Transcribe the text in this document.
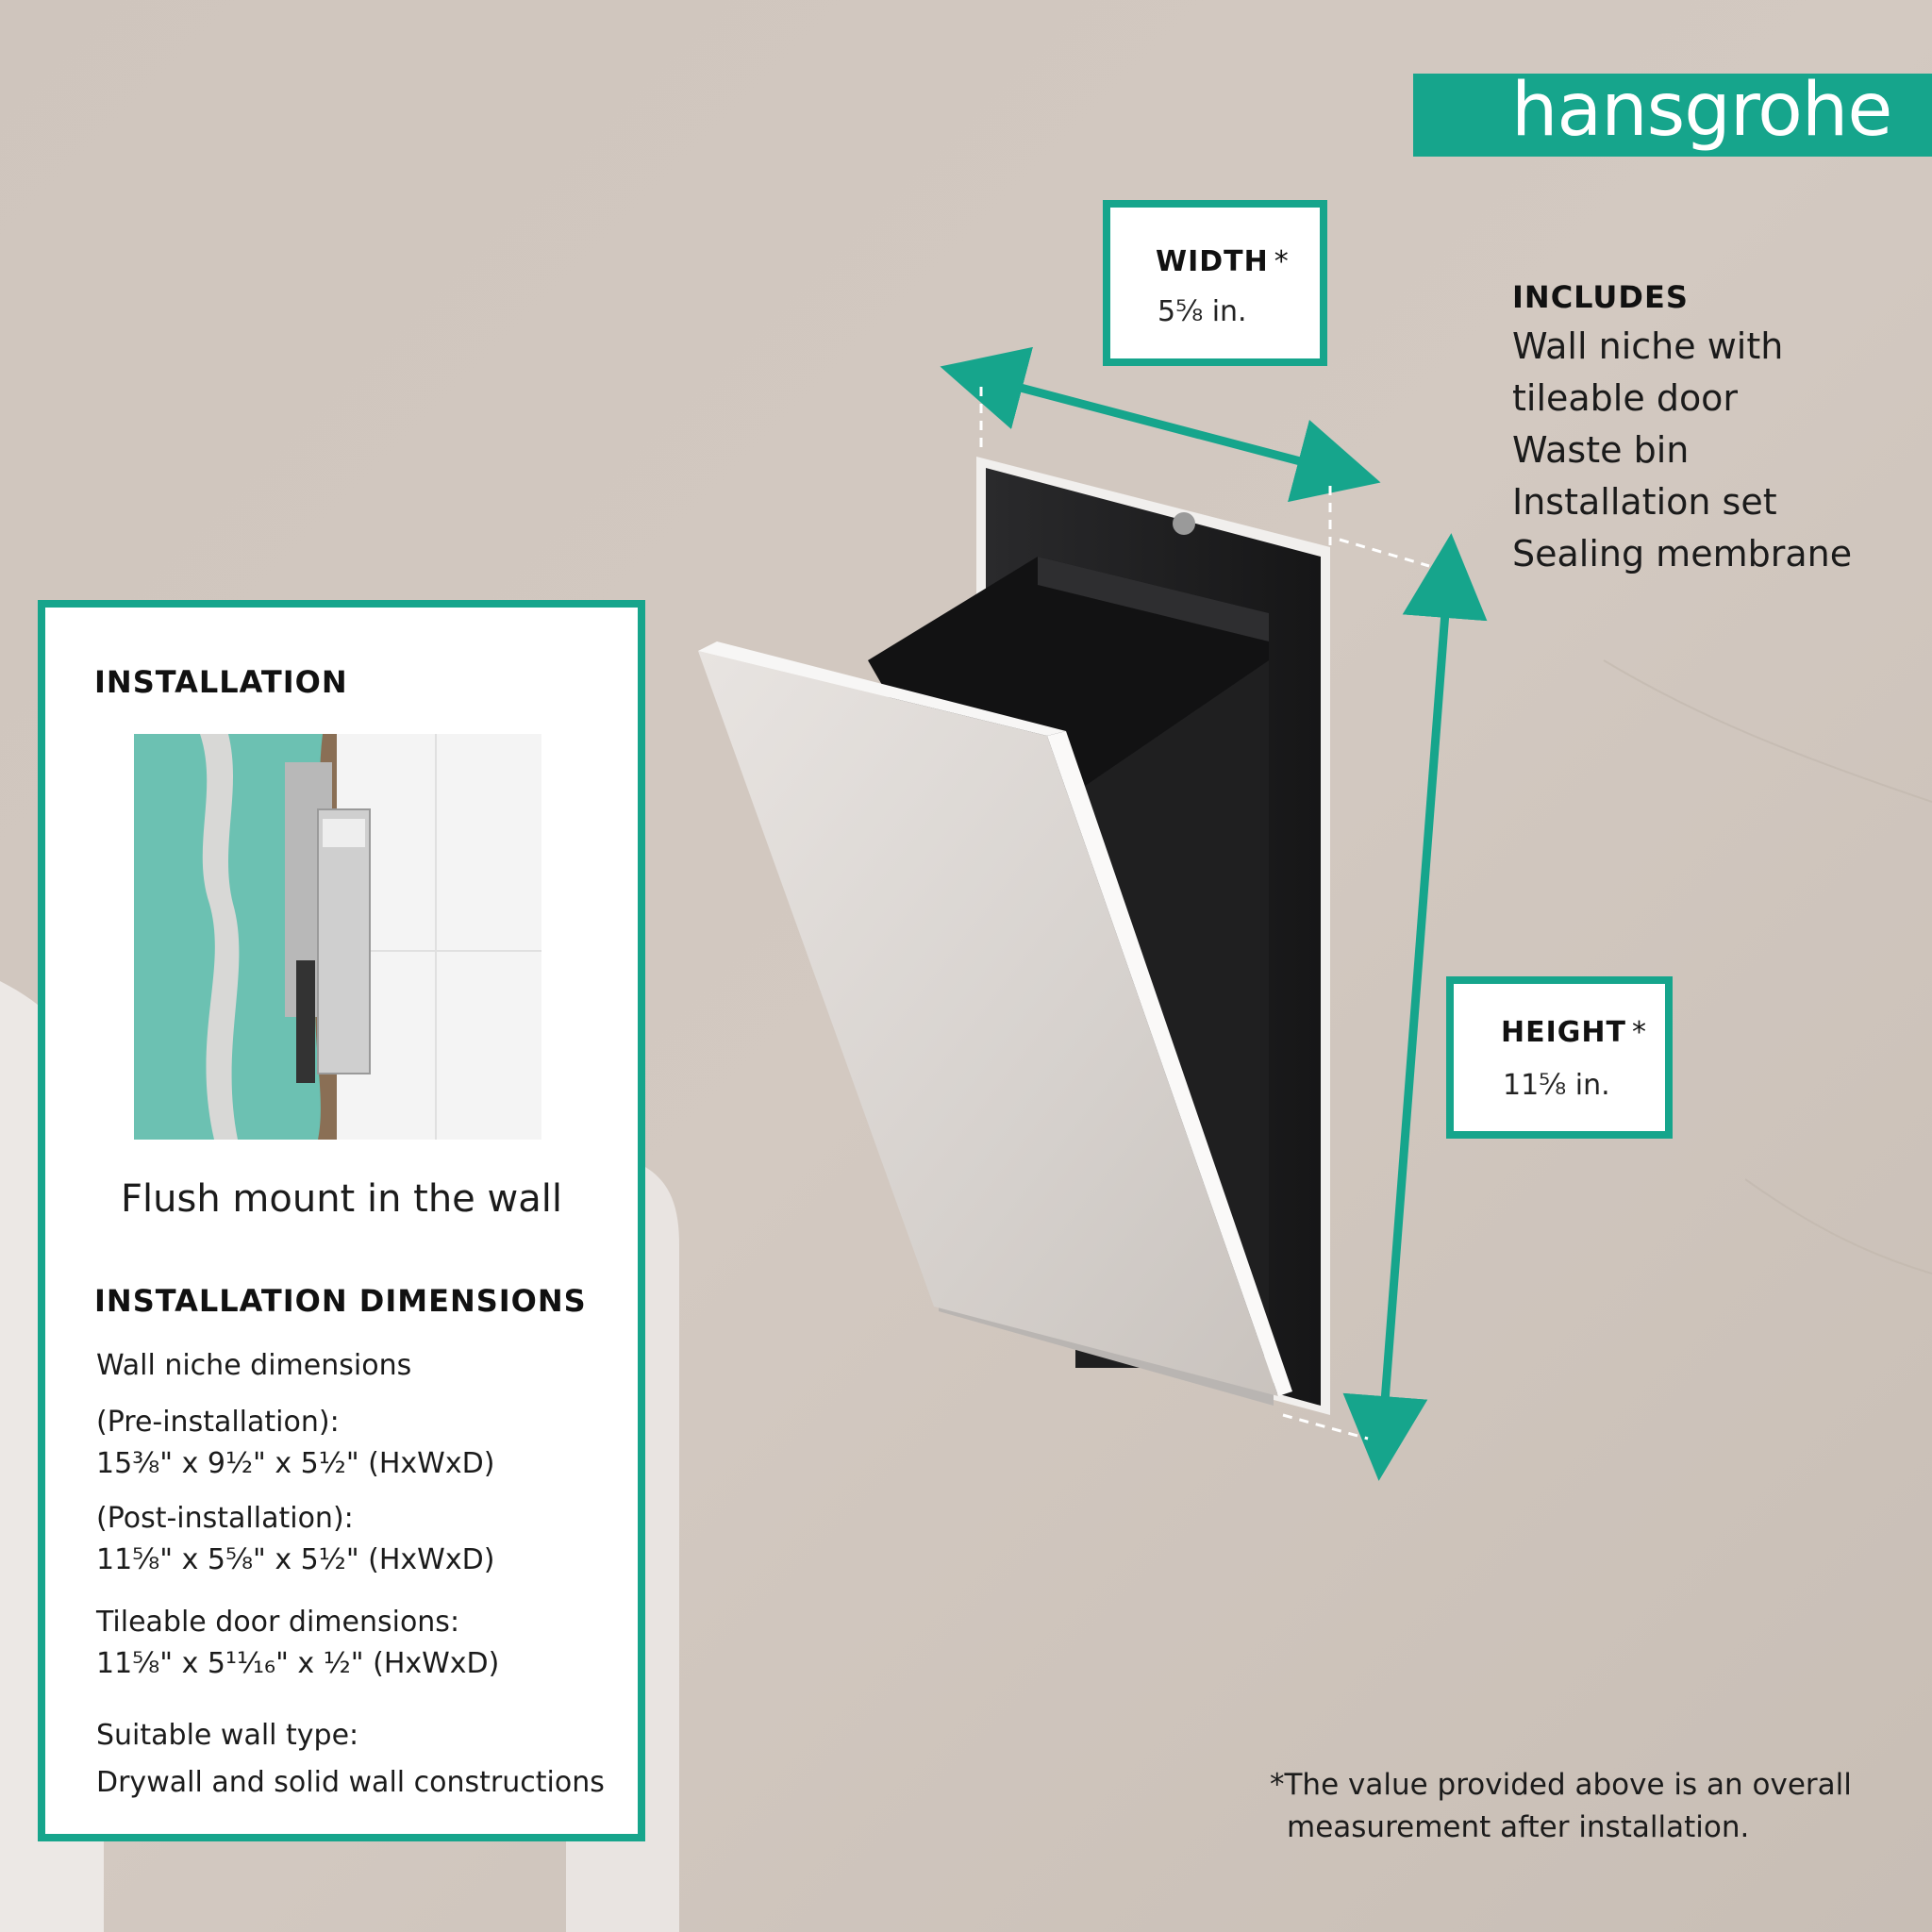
hansgrohe
WIDTH *
5⅝ in.
HEIGHT *
11⅝ in.
INCLUDES
Wall niche with
tileable door
Waste bin
Installation set
Sealing membrane
INSTALLATION
Flush mount in the wall
INSTALLATION DIMENSIONS
Wall niche dimensions
(Pre-installation):
15⅜" x 9½" x 5½" (HxWxD)
(Post-installation):
11⅝" x 5⅝" x 5½" (HxWxD)
Tileable door dimensions:
11⅝" x 5¹¹⁄₁₆" x ½" (HxWxD)
Suitable wall type:
Drywall and solid wall constructions	*The value provided above is an overall
measurement after installation.
